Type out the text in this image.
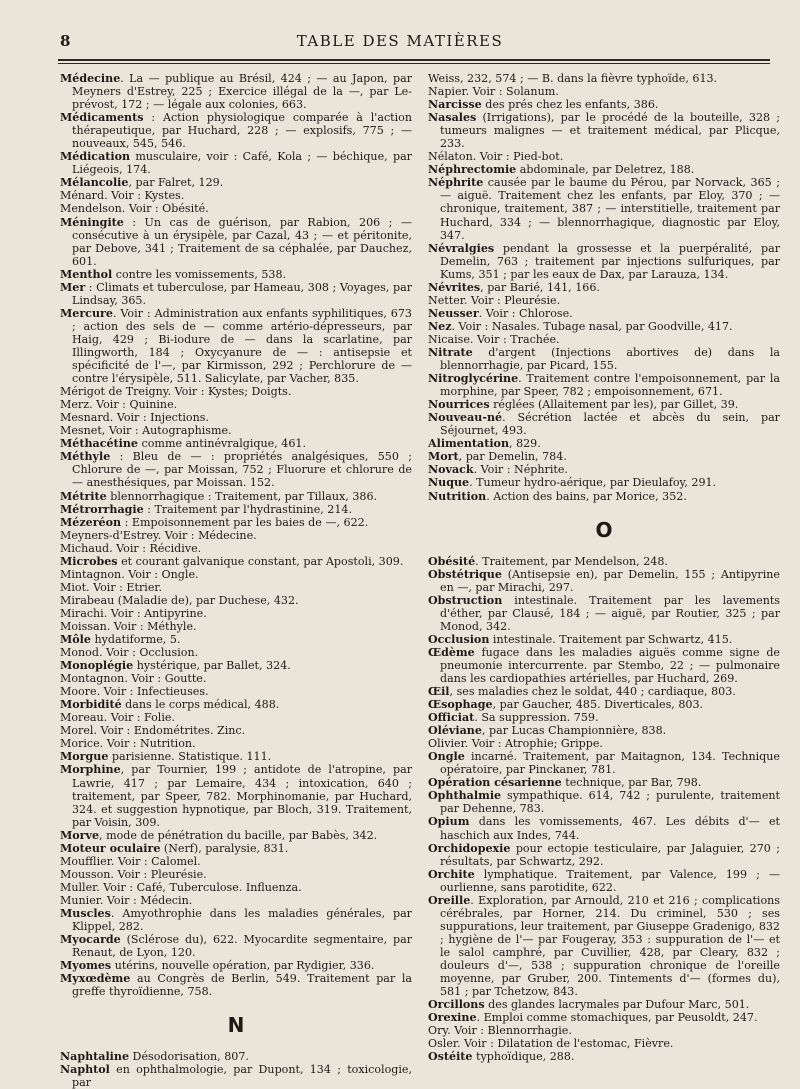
8	TABLE DES MATIÈRES

Médecine. La — publique au Brésil, 424 ; — au Japon, par Meyners d'Estrey, 225 ; Exercice illégal de la —, par Le-prévost, 172 ; — légale aux colonies, 663.

Médicaments : Action physiologique comparée à l'action thérapeutique, par Huchard, 228 ; — explosifs, 775 ; — nouveaux, 545, 546.

Médication musculaire, voir : Café, Kola ; — béchique, par Liégeois, 174.

Mélancolie, par Falret, 129.

Ménard. Voir : Kystes.

Mendelson. Voir : Obésité.

Méningite : Un cas de guérison, par Rabion, 206 ; — consécutive à un érysipèle, par Cazal, 43 ; — et péritonite, par Debove, 341 ; Traitement de sa céphalée, par Dauchez, 601.

Menthol contre les vomissements, 538.

Mer : Climats et tuberculose, par Hameau, 308 ; Voyages, par Lindsay, 365.

Mercure. Voir : Administration aux enfants syphilitiques, 673 ; action des sels de — comme artério-dépresseurs, par Haig, 429 ; Bi-iodure de — dans la scarlatine, par Illingworth, 184 ; Oxycyanure de — : antisepsie et spécificité de l'—, par Kirmisson, 292 ; Perchlorure de — contre l'érysipèle, 511. Salicylate, par Vacher, 835.

Mérigot de Treigny. Voir : Kystes; Doigts.

Merz. Voir : Quinine.

Mesnard. Voir : Injections.

Mesnet, Voir : Autographisme.

Méthacétine comme antinévralgique, 461.

Méthyle : Bleu de — : propriétés analgésiques, 550 ; Chlorure de —, par Moissan, 752 ; Fluorure et chlorure de — anesthésiques, par Moissan. 152.

Métrite blennorrhagique : Traitement, par Tillaux, 386.

Métrorrhagie : Traitement par l'hydrastinine, 214.

Mézeréon : Empoisonnement par les baies de —, 622.

Meyners-d'Estrey. Voir : Médecine.

Michaud. Voir : Récidive.

Microbes et courant galvanique constant, par Apostoli, 309.

Mintagnon. Voir : Ongle.

Miot. Voir : Etrier.

Mirabeau (Maladie de), par Duchese, 432.

Mirachi. Voir : Antipyrine.

Moissan. Voir : Méthyle.

Môle hydatiforme, 5.

Monod. Voir : Occlusion.

Monoplégie hystérique, par Ballet, 324.

Montagnon. Voir : Goutte.

Moore. Voir : Infectieuses.

Morbidité dans le corps médical, 488.

Moreau. Voir : Folie.

Morel. Voir : Endométrites. Zinc.

Morice. Voir : Nutrition.

Morgue parisienne. Statistique. 111.

Morphine, par Tournier, 199 ; antidote de l'atropine, par Lawrie, 417 ; par Lemaire, 434 ; intoxication, 640 ; traitement, par Speer, 782. Morphinomanie, par Huchard, 324. et suggestion hypnotique, par Bloch, 319. Traitement, par Voisin, 309.

Morve, mode de pénétration du bacille, par Babès, 342.

Moteur oculaire (Nerf), paralysie, 831.

Moufflier. Voir : Calomel.

Mousson. Voir : Pleurésie.

Muller. Voir : Café, Tuberculose. Influenza.

Munier. Voir : Médecin.

Muscles. Amyothrophie dans les maladies générales, par Klippel, 282.

Myocarde (Sclérose du), 622. Myocardite segmentaire, par Renaut, de Lyon, 120.

Myomes utérins, nouvelle opération, par Rydigier, 336.

Myxœdème au Congrès de Berlin, 549. Traitement par la greffe thyroïdienne, 758.

N

Naphtaline Désodorisation, 807.

Naphtol en ophthalmologie, par Dupont, 134 ; toxicologie, par

Weiss, 232, 574 ; — B. dans la fièvre typhoïde, 613.

Napier. Voir : Solanum.

Narcisse des prés chez les enfants, 386.

Nasales (Irrigations), par le procédé de la bouteille, 328 ; tumeurs malignes — et traitement médical, par Plicque, 233.

Nélaton. Voir : Pied-bot.

Néphrectomie abdominale, par Deletrez, 188.

Néphrite causée par le baume du Pérou, par Norvack, 365 ; — aiguë. Traitement chez les enfants, par Eloy, 370 ; — chronique, traitement, 387 ; — interstitielle, traitement par Huchard, 334 ; — blennorrhagique, diagnostic par Eloy, 347.

Névralgies pendant la grossesse et la puerpéralité, par Demelin, 763 ; traitement par injections sulfuriques, par Kums, 351 ; par les eaux de Dax, par Larauza, 134.

Névrites, par Barié, 141, 166.

Netter. Voir : Pleurésie.

Neusser. Voir : Chlorose.

Nez. Voir : Nasales. Tubage nasal, par Goodville, 417.

Nicaise. Voir : Trachée.

Nitrate d'argent (Injections abortives de) dans la blennorrhagie, par Picard, 155.

Nitroglycérine. Traitement contre l'empoisonnement, par la morphine, par Speer, 782 ; empoisonnement, 671.

Nourrices réglées (Allaitement par les), par Gillet, 39.

Nouveau-né. Sécrétion lactée et abcès du sein, par Séjournet, 493.

Alimentation, 829.

Mort, par Demelin, 784.

Novack. Voir : Néphrite.

Nuque. Tumeur hydro-aérique, par Dieulafoy, 291.

Nutrition. Action des bains, par Morice, 352.

O

Obésité. Traitement, par Mendelson, 248.

Obstétrique (Antisepsie en), par Demelin, 155 ; Antipyrine en —, par Mirachi, 297.

Obstruction intestinale. Traitement par les lavements d'éther, par Clausé, 184 ; — aiguë, par Routier, 325 ; par Monod, 342.

Occlusion intestinale. Traitement par Schwartz, 415.

Œdème fugace dans les maladies aiguës comme signe de pneumonie intercurrente. par Stembo, 22 ; — pulmonaire dans les cardiopathies artérielles, par Huchard, 269.

Œil, ses maladies chez le soldat, 440 ; cardiaque, 803.

Œsophage, par Gaucher, 485. Diverticales, 803.

Officiat. Sa suppression. 759.

Oléviane, par Lucas Championnière, 838.

Olivier. Voir : Atrophie; Grippe.

Ongle incarné. Traitement, par Maitagnon, 134. Technique opératoire, par Pinckaner, 781.

Opération césarienne technique, par Bar, 798.

Ophthalmie sympathique. 614, 742 ; purulente, traitement par Dehenne, 783.

Opium dans les vomissements, 467. Les débits d'— et haschich aux Indes, 744.

Orchidopexie pour ectopie testiculaire, par Jalaguier, 270 ; résultats, par Schwartz, 292.

Orchite lymphatique. Traitement, par Valence, 199 ; — ourlienne, sans parotidite, 622.

Oreille. Exploration, par Arnould, 210 et 216 ; complications cérébrales, par Horner, 214. Du criminel, 530 ; ses suppurations, leur traitement, par Giuseppe Gradenigo, 832 ; hygiène de l'— par Fougeray, 353 : suppuration de l'— et le salol camphré, par Cuvillier, 428, par Cleary, 832 ; douleurs d'—, 538 ; suppuration chronique de l'oreille moyenne, par Gruber, 200. Tintements d'— (formes du), 581 ; par Tchetzow, 843.

Orcillons des glandes lacrymales par Dufour Marc, 501.

Orexine. Emploi comme stomachiques, par Peusoldt, 247.

Ory. Voir : Blennorrhagie.

Osler. Voir : Dilatation de l'estomac, Fièvre.

Ostéite typhoïdique, 288.
